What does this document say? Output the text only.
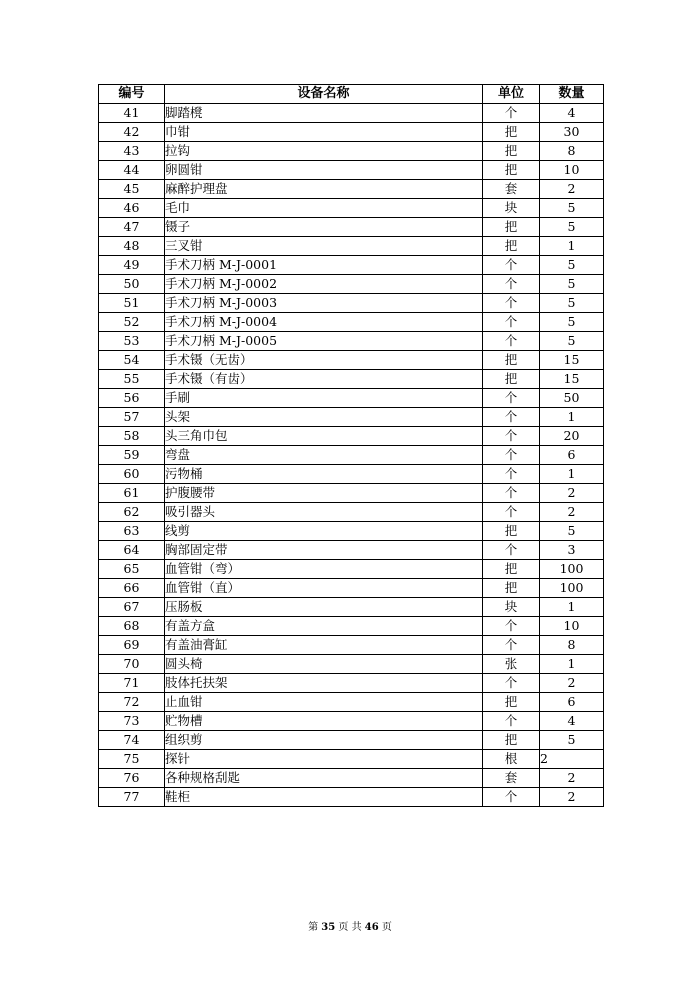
编号	设备名称	单位	数量
41	脚踏櫈	个	4
42	巾钳	把	30
43	拉钩	把	8
44	卵圆钳	把	10
45	麻醉护理盘	套	2
46	毛巾	块	5
47	镊子	把	5
48	三叉钳	把	1
49	手术刀柄 M-J-0001	个	5
50	手术刀柄 M-J-0002	个	5
51	手术刀柄 M-J-0003	个	5
52	手术刀柄 M-J-0004	个	5
53	手术刀柄 M-J-0005	个	5
54	手术镊（无齿）	把	15
55	手术镊（有齿）	把	15
56	手刷	个	50
57	头架	个	1
58	头三角巾包	个	20
59	弯盘	个	6
60	污物桶	个	1
61	护腹腰带	个	2
62	吸引器头	个	2
63	线剪	把	5
64	胸部固定带	个	3
65	血管钳（弯）	把	100
66	血管钳（直）	把	100
67	压肠板	块	1
68	有盖方盒	个	10
69	有盖油膏缸	个	8
70	圆头椅	张	1
71	肢体托扶架	个	2
72	止血钳	把	6
73	贮物槽	个	4
74	组织剪	把	5
75	探针	根	2
76	各种规格刮匙	套	2
77	鞋柜	个	2
第 35 页 共 46 页
